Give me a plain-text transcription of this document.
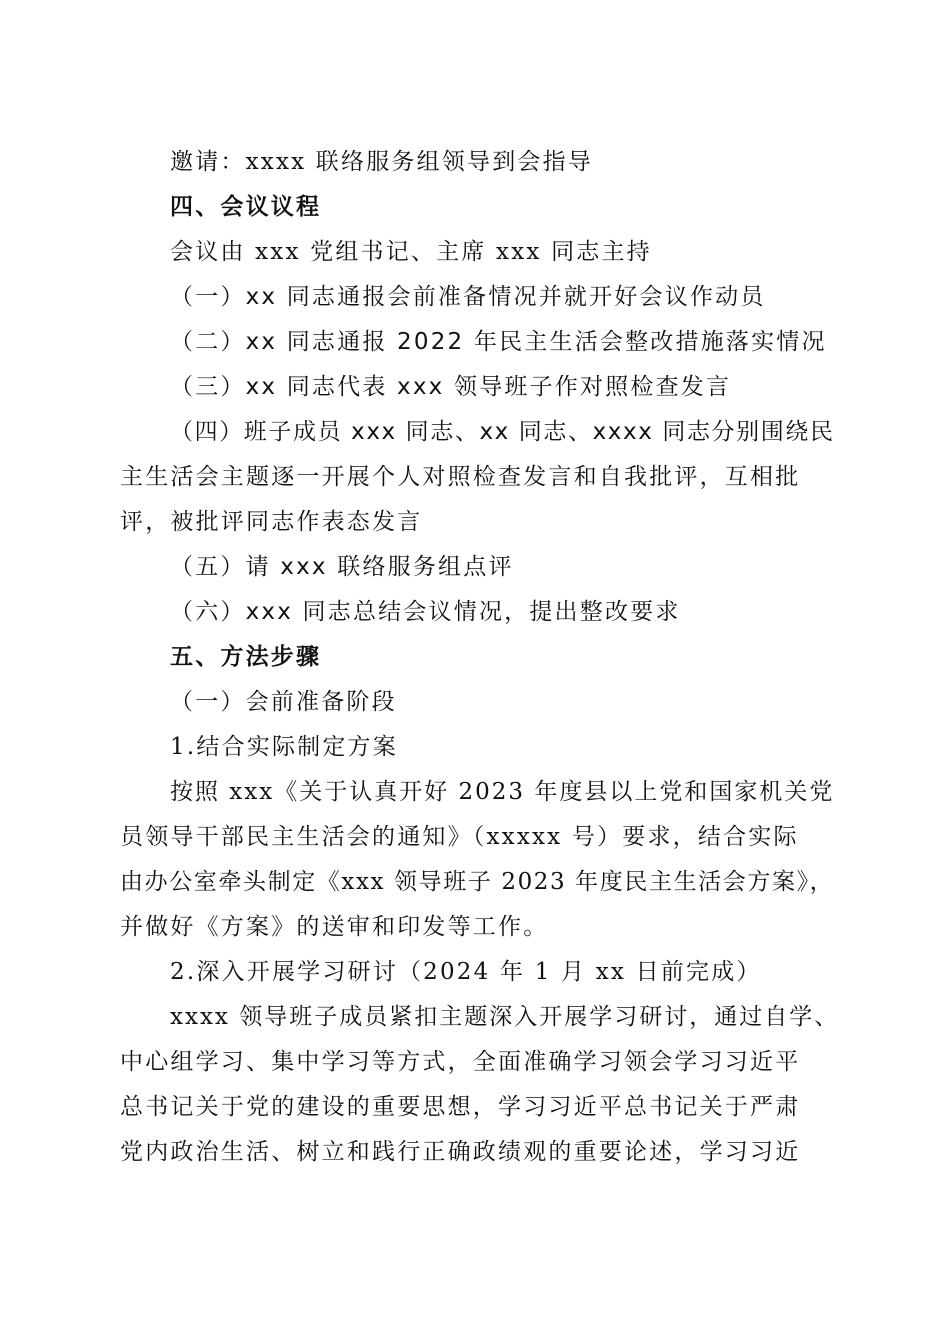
邀请：xxxx 联络服务组领导到会指导
四、会议议程
会议由 xxx 党组书记、主席 xxx 同志主持
（一）xx 同志通报会前准备情况并就开好会议作动员
（二）xx 同志通报 2022 年民主生活会整改措施落实情况
（三）xx 同志代表 xxx 领导班子作对照检查发言
（四）班子成员 xxx 同志、xx 同志、xxxx 同志分别围绕民
主生活会主题逐一开展个人对照检查发言和自我批评，互相批
评，被批评同志作表态发言
（五）请 xxx 联络服务组点评
（六）xxx 同志总结会议情况，提出整改要求
五、方法步骤
（一）会前准备阶段
1.结合实际制定方案
按照 xxx《关于认真开好 2023 年度县以上党和国家机关党
员领导干部民主生活会的通知》（xxxxx 号）要求，结合实际
由办公室牵头制定《xxx 领导班子 2023 年度民主生活会方案》，
并做好《方案》的送审和印发等工作。
2.深入开展学习研讨（2024 年 1 月 xx 日前完成）
xxxx 领导班子成员紧扣主题深入开展学习研讨，通过自学、
中心组学习、集中学习等方式，全面准确学习领会学习习近平
总书记关于党的建设的重要思想，学习习近平总书记关于严肃
党内政治生活、树立和践行正确政绩观的重要论述，学习习近
